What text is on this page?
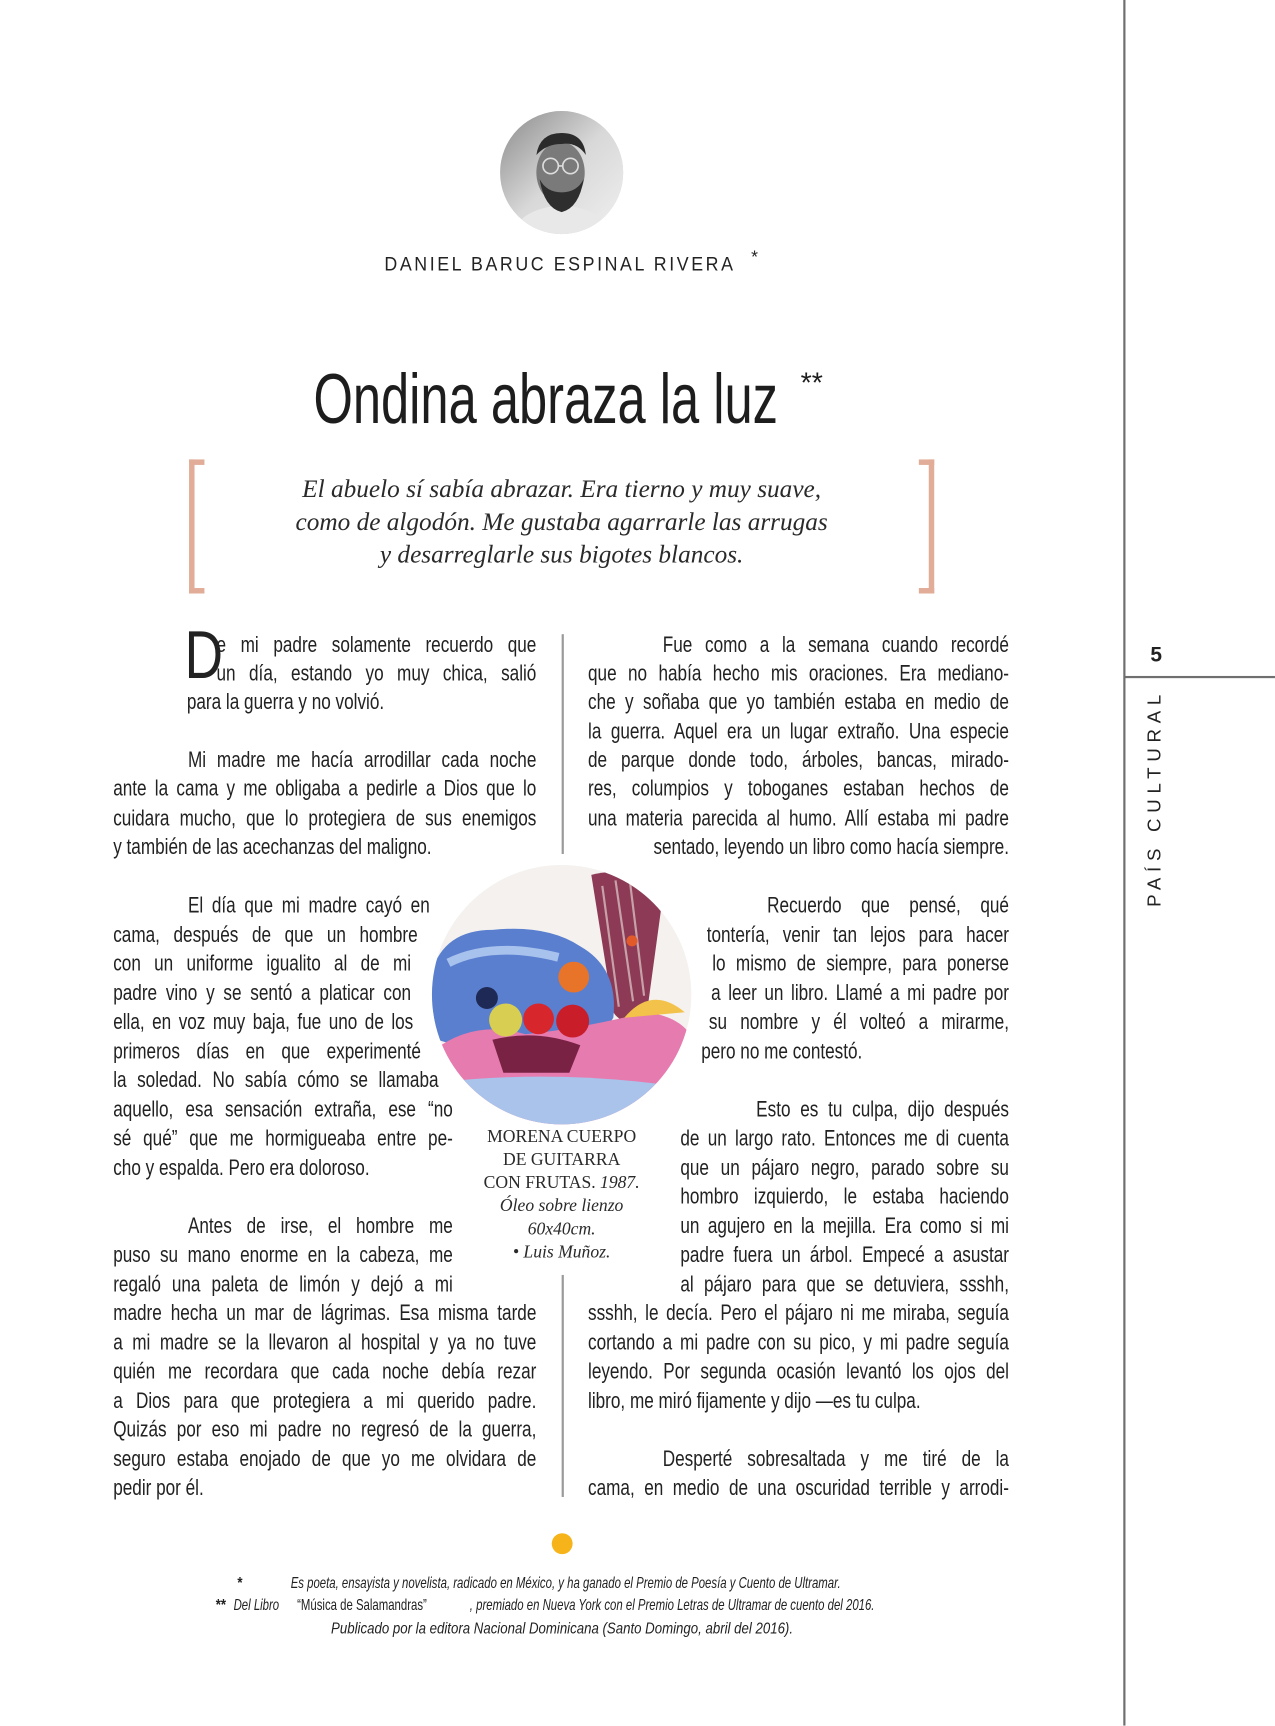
5
PAÍS CULTURAL
DANIEL BARUC ESPINAL RIVERA *
Ondina abraza la luz **
El abuelo sí sabía abrazar. Era tierno y muy suave,
como de algodón. Me gustaba agarrarle las arrugas
y desarreglarle sus bigotes blancos.
D
e mi padre solamente recuerdo que
un día, estando yo muy chica, salió
para la guerra y no volvió.
Mi madre me hacía arrodillar cada noche
ante la cama y me obligaba a pedirle a Dios que lo
cuidara mucho, que lo protegiera de sus enemigos
y también de las acechanzas del maligno.
El día que mi madre cayó en
cama, después de que un hombre
con un uniforme igualito al de mi
padre vino y se sentó a platicar con
ella, en voz muy baja, fue uno de los
primeros días en que experimenté
la soledad. No sabía cómo se llamaba
aquello, esa sensación extraña, ese “no
sé qué” que me hormigueaba entre pe-
cho y espalda. Pero era doloroso.
Antes de irse, el hombre me
puso su mano enorme en la cabeza, me
regaló una paleta de limón y dejó a mi
madre hecha un mar de lágrimas. Esa misma tarde
a mi madre se la llevaron al hospital y ya no tuve
quién me recordara que cada noche debía rezar
a Dios para que protegiera a mi querido padre.
Quizás por eso mi padre no regresó de la guerra,
seguro estaba enojado de que yo me olvidara de
pedir por él.
Fue como a la semana cuando recordé
que no había hecho mis oraciones. Era mediano-
che y soñaba que yo también estaba en medio de
la guerra. Aquel era un lugar extraño. Una especie
de parque donde todo, árboles, bancas, mirado-
res, columpios y toboganes estaban hechos de
una materia parecida al humo. Allí estaba mi padre
sentado, leyendo un libro como hacía siempre.
Recuerdo que pensé, qué
tontería, venir tan lejos para hacer
lo mismo de siempre, para ponerse
a leer un libro. Llamé a mi padre por
su nombre y él volteó a mirarme,
pero no me contestó.
Esto es tu culpa, dijo después
de un largo rato. Entonces me di cuenta
que un pájaro negro, parado sobre su
hombro izquierdo, le estaba haciendo
un agujero en la mejilla. Era como si mi
padre fuera un árbol. Empecé a asustar
al pájaro para que se detuviera, ssshh,
ssshh, le decía. Pero el pájaro ni me miraba, seguía
cortando a mi padre con su pico, y mi padre seguía
leyendo. Por segunda ocasión levantó los ojos del
libro, me miró fijamente y dijo —es tu culpa.
Desperté sobresaltada y me tiré de la
cama, en medio de una oscuridad terrible y arrodi-
MORENA CUERPO
DE GUITARRA
CON FRUTAS. 1987.
Óleo sobre lienzo
60x40cm.
• Luis Muñoz.
*	Es poeta, ensayista y novelista, radicado en México, y ha ganado el Premio de Poesía y Cuento de Ultramar.
** Del Libro “Música de Salamandras”	, premiado en Nueva York con el Premio Letras de Ultramar de cuento del 2016.
Publicado por la editora Nacional Dominicana (Santo Domingo, abril del 2016).
